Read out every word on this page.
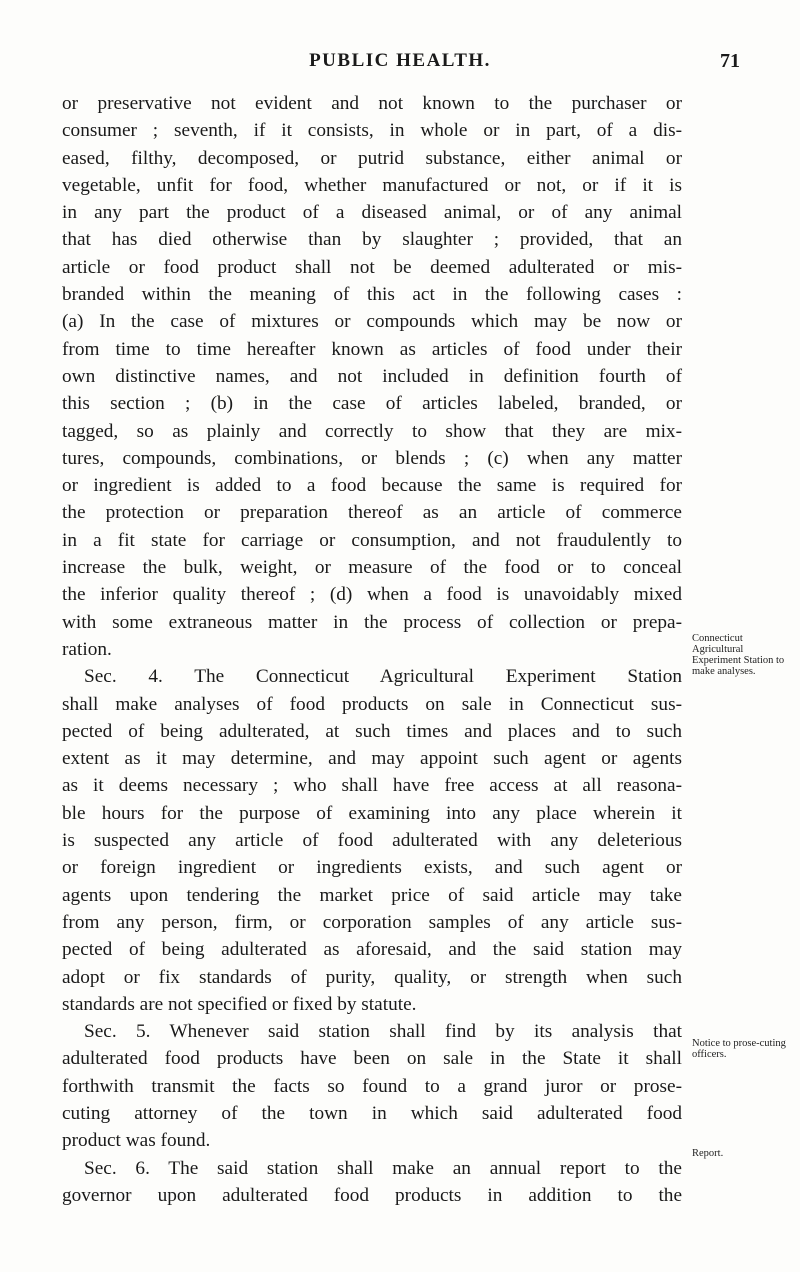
PUBLIC HEALTH.	71
or preservative not evident and not known to the purchaser or
consumer ; seventh, if it consists, in whole or in part, of a dis-
eased, filthy, decomposed, or putrid substance, either animal or
vegetable, unfit for food, whether manufactured or not, or if it is
in any part the product of a diseased animal, or of any animal
that has died otherwise than by slaughter ; provided, that an
article or food product shall not be deemed adulterated or mis-
branded within the meaning of this act in the following cases :
(a) In the case of mixtures or compounds which may be now or
from time to time hereafter known as articles of food under their
own distinctive names, and not included in definition fourth of
this section ; (b) in the case of articles labeled, branded, or
tagged, so as plainly and correctly to show that they are mix-
tures, compounds, combinations, or blends ; (c) when any matter
or ingredient is added to a food because the same is required for
the protection or preparation thereof as an article of commerce
in a fit state for carriage or consumption, and not fraudulently to
increase the bulk, weight, or measure of the food or to conceal
the inferior quality thereof ; (d) when a food is unavoidably mixed
with some extraneous matter in the process of collection or prepa-
ration.
Sec. 4. The Connecticut Agricultural Experiment Station
shall make analyses of food products on sale in Connecticut sus-
pected of being adulterated, at such times and places and to such
extent as it may determine, and may appoint such agent or agents
as it deems necessary ; who shall have free access at all reasona-
ble hours for the purpose of examining into any place wherein it
is suspected any article of food adulterated with any deleterious
or foreign ingredient or ingredients exists, and such agent or
agents upon tendering the market price of said article may take
from any person, firm, or corporation samples of any article sus-
pected of being adulterated as aforesaid, and the said station may
adopt or fix standards of purity, quality, or strength when such
standards are not specified or fixed by statute.
Sec. 5. Whenever said station shall find by its analysis that
adulterated food products have been on sale in the State it shall
forthwith transmit the facts so found to a grand juror or prose-
cuting attorney of the town in which said adulterated food
product was found.
Sec. 6. The said station shall make an annual report to the
governor upon adulterated food products in addition to the
Connecticut Agricultural Experiment Station to make analyses.
Notice to prose-cuting officers.
Report.
